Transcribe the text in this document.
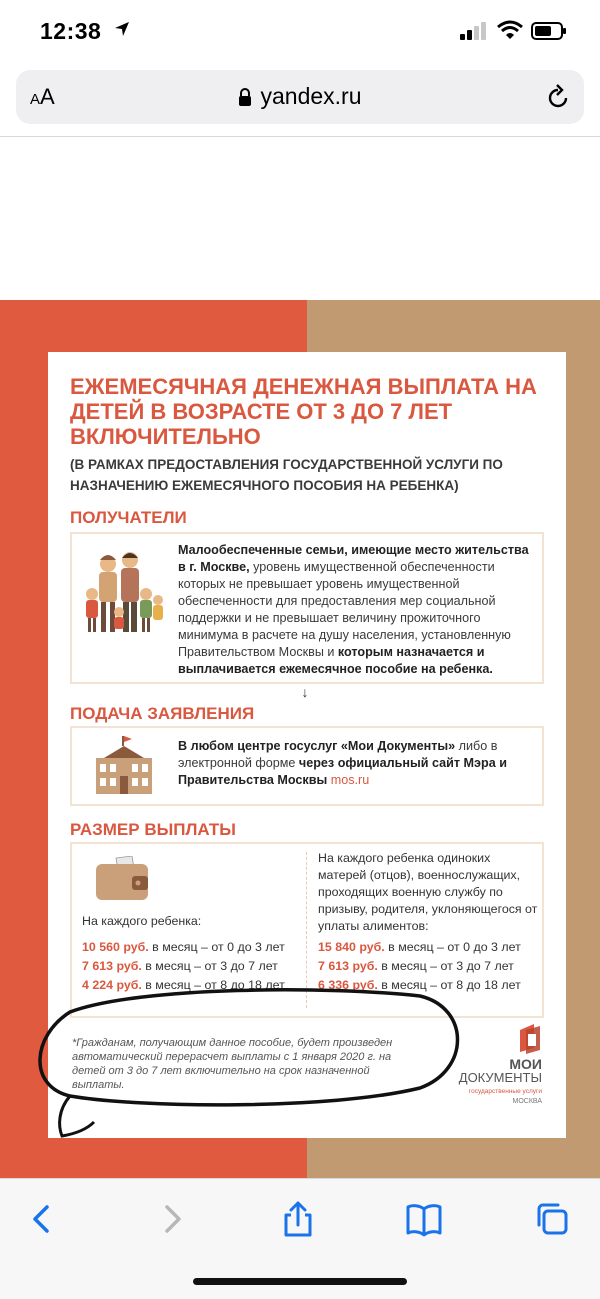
12:38
AA	yandex.ru
ЕЖЕМЕСЯЧНАЯ ДЕНЕЖНАЯ ВЫПЛАТА НА ДЕТЕЙ В ВОЗРАСТЕ ОТ 3 ДО 7 ЛЕТ ВКЛЮЧИТЕЛЬНО
(В РАМКАХ ПРЕДОСТАВЛЕНИЯ ГОСУДАРСТВЕННОЙ УСЛУГИ ПО НАЗНАЧЕНИЮ ЕЖЕМЕСЯЧНОГО ПОСОБИЯ НА РЕБЕНКА)
ПОЛУЧАТЕЛИ
Малообеспеченные семьи, имеющие место жительства в г. Москве, уровень имущественной обеспеченности которых не превышает уровень имущественной обеспеченности для предоставления мер социальной поддержки и не превышает величину прожиточного минимума в расчете на душу населения, установленную Правительством Москвы и которым назначается и выплачивается ежемесячное пособие на ребенка.
↓
ПОДАЧА ЗАЯВЛЕНИЯ
В любом центре госуслуг «Мои Документы» либо в электронной форме через официальный сайт Мэра и Правительства Москвы mos.ru
РАЗМЕР ВЫПЛАТЫ
На каждого ребенка:
10 560 руб. в месяц – от 0 до 3 лет
7 613 руб. в месяц – от 3 до 7 лет
4 224 руб. в месяц – от 8 до 18 лет
На каждого ребенка одиноких матерей (отцов), военнослужащих, проходящих военную службу по призыву, родителя, уклоняющегося от уплаты алиментов:
15 840 руб. в месяц – от 0 до 3 лет
7 613 руб. в месяц – от 3 до 7 лет
6 336 руб. в месяц – от 8 до 18 лет
*Гражданам, получающим данное пособие, будет произведен автоматический перерасчет выплаты с 1 января 2020 г. на детей от 3 до 7 лет включительно на срок назначенной выплаты.
МОИ
ДОКУМЕНТЫ
государственные услуги
МОСКВА
